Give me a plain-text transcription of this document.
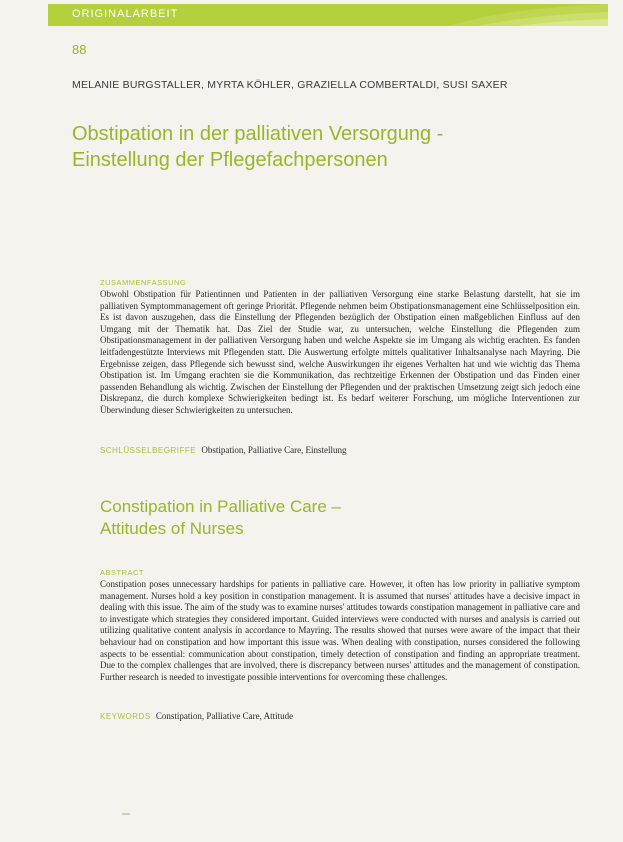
ORIGINALARBEIT
88
MELANIE BURGSTALLER, MYRTA KÖHLER, GRAZIELLA COMBERTALDI, SUSI SAXER
Obstipation in der palliativen Versorgung -
Einstellung der Pflegefachpersonen
ZUSAMMENFASSUNG
Obwohl Obstipation für Patientinnen und Patienten in der palliativen Versorgung eine starke Belastung darstellt, hat sie im palliativen Symptommanagement oft geringe Priorität. Pflegende nehmen beim Obstipationsmanagement eine Schlüsselposition ein. Es ist davon auszugehen, dass die Einstellung der Pflegenden bezüglich der Obstipation einen maßgeblichen Einfluss auf den Umgang mit der Thematik hat. Das Ziel der Studie war, zu untersuchen, welche Einstellung die Pflegenden zum Obstipationsmanagement in der palliativen Versorgung haben und welche Aspekte sie im Umgang als wichtig erachten. Es fanden leitfadengestützte Interviews mit Pflegenden statt. Die Auswertung erfolgte mittels qualitativer Inhaltsanalyse nach Mayring. Die Ergebnisse zeigen, dass Pflegende sich bewusst sind, welche Auswirkungen ihr eigenes Verhalten hat und wie wichtig das Thema Obstipation ist. Im Umgang erachten sie die Kommunikation, das rechtzeitige Erkennen der Obstipation und das Finden einer passenden Behandlung als wichtig. Zwischen der Einstellung der Pflegenden und der praktischen Umsetzung zeigt sich jedoch eine Diskrepanz, die durch komplexe Schwierigkeiten bedingt ist. Es bedarf weiterer Forschung, um mögliche Interventionen zur Überwindung dieser Schwierigkeiten zu untersuchen.
SCHLÜSSELBEGRIFFE Obstipation, Palliative Care, Einstellung
Constipation in Palliative Care –
Attitudes of Nurses
ABSTRACT
Constipation poses unnecessary hardships for patients in palliative care. However, it often has low priority in palliative symptom management. Nurses hold a key position in constipation management. It is assumed that nurses' attitudes have a decisive impact in dealing with this issue. The aim of the study was to examine nurses' attitudes towards constipation management in palliative care and to investigate which strategies they considered important. Guided interviews were conducted with nurses and analysis is carried out utilizing qualitative content analysis in accordance to Mayring. The results showed that nurses were aware of the impact that their behaviour had on constipation and how important this issue was. When dealing with constipation, nurses considered the following aspects to be essential: communication about constipation, timely detection of constipation and finding an appropriate treatment. Due to the complex challenges that are involved, there is discrepancy between nurses' attitudes and the management of constipation. Further research is needed to investigate possible interventions for overcoming these challenges.
KEYWORDS Constipation, Palliative Care, Attitude
